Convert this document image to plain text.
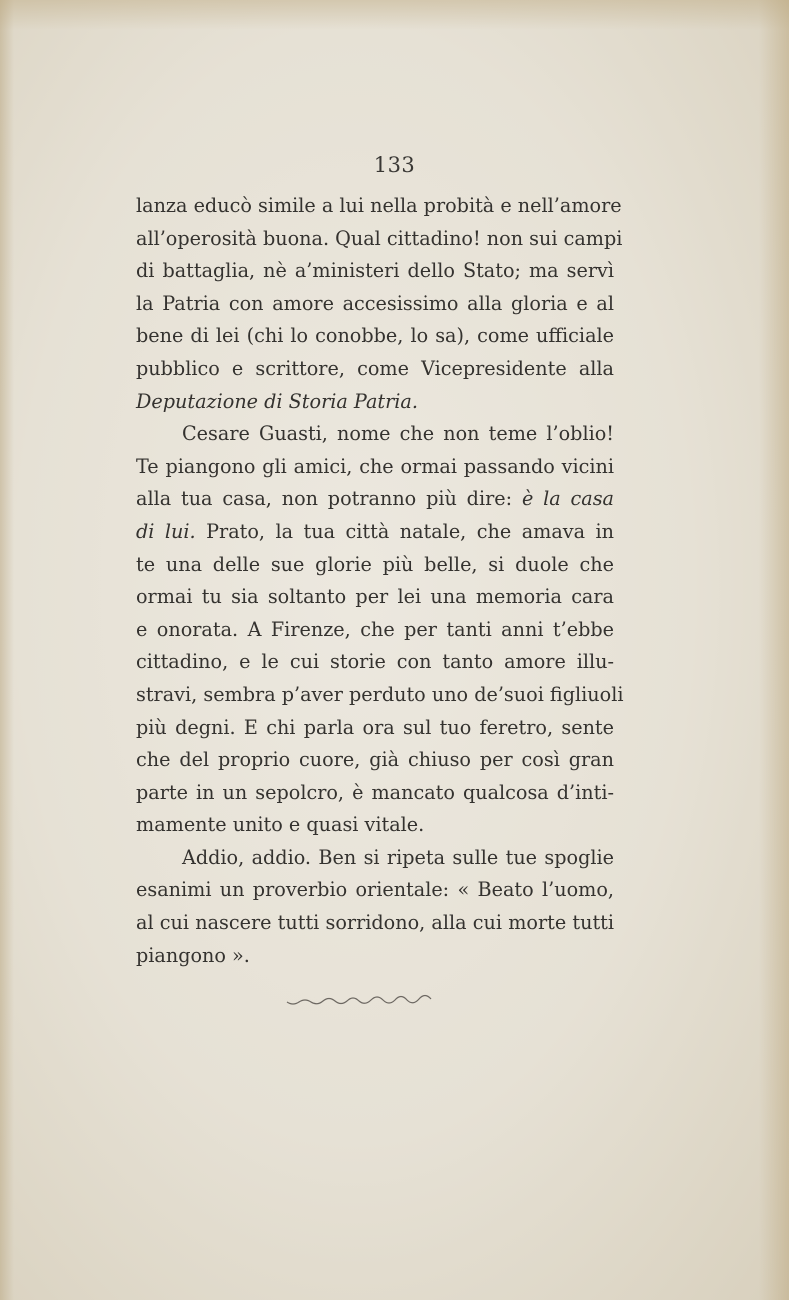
133
lanza educò simile a lui nella probità e nell’amore
all’operosità buona. Qual cittadino! non sui campi
di battaglia, nè a’ministeri dello Stato; ma servì
la Patria con amore accesissimo alla gloria e al
bene di lei (chi lo conobbe, lo sa), come ufficiale
pubblico e scrittore, come Vicepresidente alla
Deputazione di Storia Patria.
Cesare Guasti, nome che non teme l’oblio!
Te piangono gli amici, che ormai passando vicini
alla tua casa, non potranno più dire: è la casa
di lui. Prato, la tua città natale, che amava in
te una delle sue glorie più belle, si duole che
ormai tu sia soltanto per lei una memoria cara
e onorata. A Firenze, che per tanti anni t’ebbe
cittadino, e le cui storie con tanto amore illu-
stravi, sembra p’aver perduto uno de’suoi figliuoli
più degni. E chi parla ora sul tuo feretro, sente
che del proprio cuore, già chiuso per così gran
parte in un sepolcro, è mancato qualcosa d’inti-
mamente unito e quasi vitale.
Addio, addio. Ben si ripeta sulle tue spoglie
esanimi un proverbio orientale: « Beato l’uomo,
al cui nascere tutti sorridono, alla cui morte tutti
piangono ».
